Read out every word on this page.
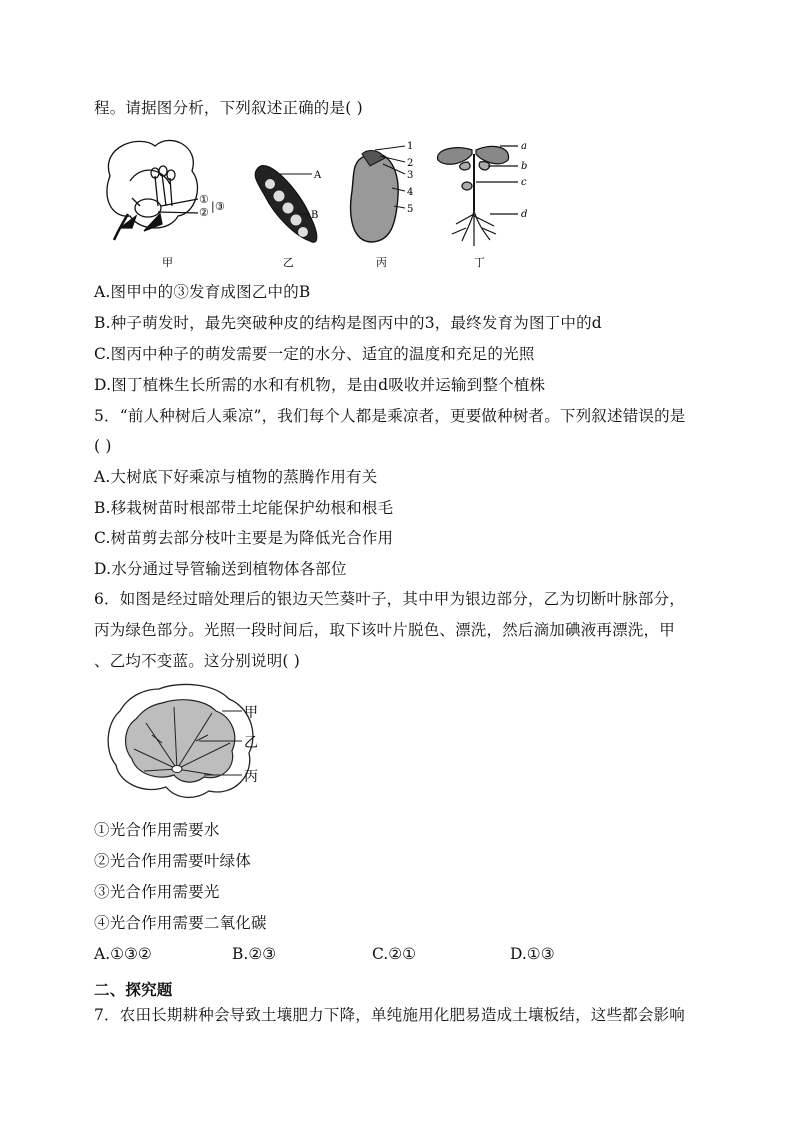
程。请据图分析，下列叙述正确的是( )
①
② | ③
A
B
1
2
3
4
5
a
b
c
d
甲	乙	丙	丁
A.图甲中的③发育成图乙中的B
B.种子萌发时，最先突破种皮的结构是图丙中的3，最终发育为图丁中的d
C.图丙中种子的萌发需要一定的水分、适宜的温度和充足的光照
D.图丁植株生长所需的水和有机物，是由d吸收并运输到整个植株
5．“前人种树后人乘凉”，我们每个人都是乘凉者，更要做种树者。下列叙述错误的是
( )
A.大树底下好乘凉与植物的蒸腾作用有关
B.移栽树苗时根部带土坨能保护幼根和根毛
C.树苗剪去部分枝叶主要是为降低光合作用
D.水分通过导管输送到植物体各部位
6．如图是经过暗处理后的银边天竺葵叶子，其中甲为银边部分，乙为切断叶脉部分，
丙为绿色部分。光照一段时间后，取下该叶片脱色、漂洗，然后滴加碘液再漂洗，甲
、乙均不变蓝。这分别说明( )
甲
乙
丙
①光合作用需要水
②光合作用需要叶绿体
③光合作用需要光
④光合作用需要二氧化碳
A.①③②	B.②③	C.②①	D.①③
二、探究题
7．农田长期耕种会导致土壤肥力下降，单纯施用化肥易造成土壤板结，这些都会影响
